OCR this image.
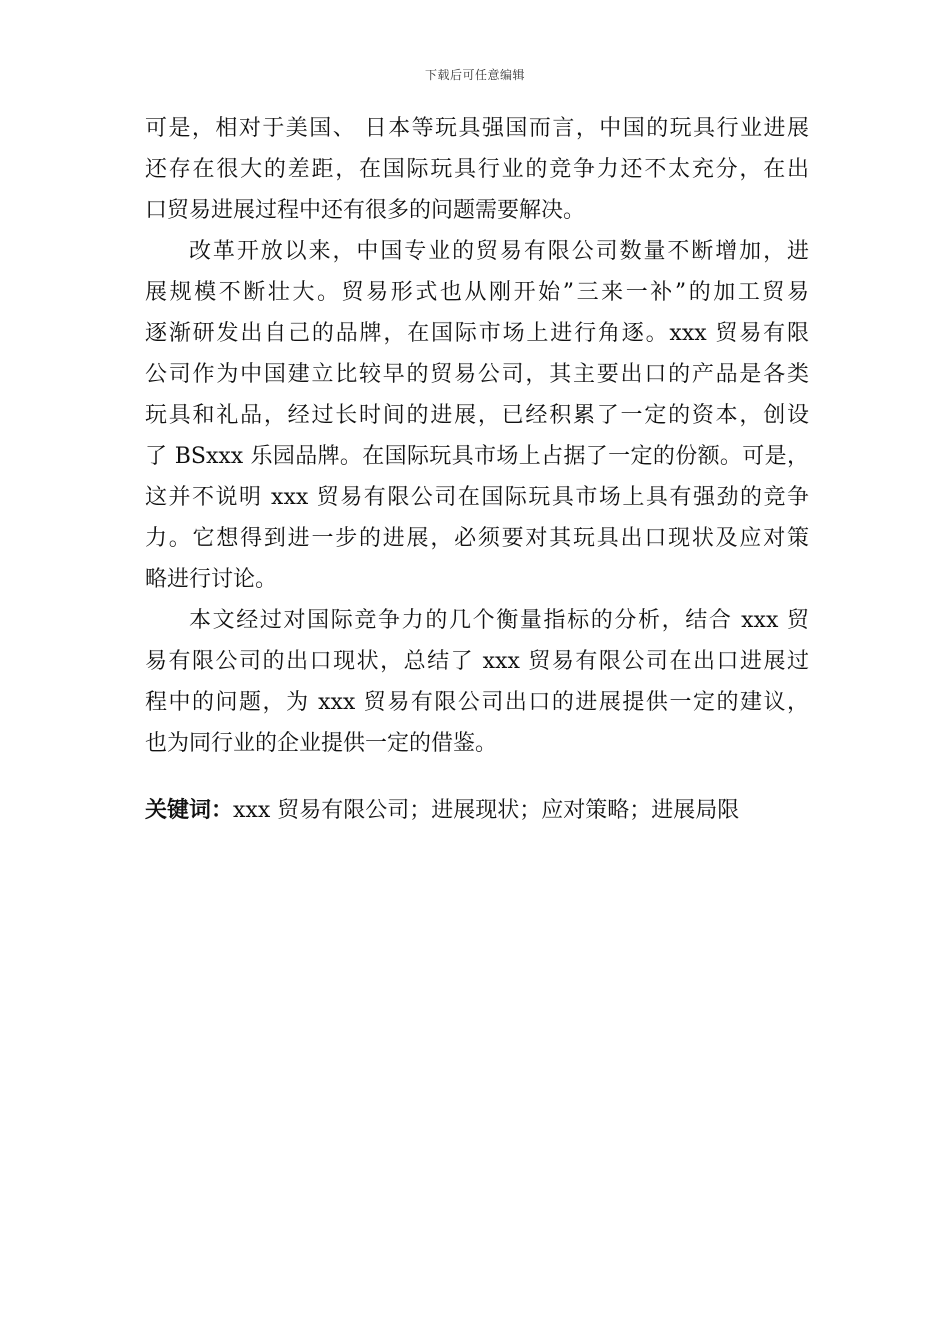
下载后可任意编辑
可是，相对于美国、 日本等玩具强国而言，中国的玩具行业进展
还存在很大的差距，在国际玩具行业的竞争力还不太充分，在出
口贸易进展过程中还有很多的问题需要解决。
改革开放以来，中国专业的贸易有限公司数量不断增加，进
展规模不断壮大。贸易形式也从刚开始”三来一补”的加工贸易
逐渐研发出自己的品牌，在国际市场上进行角逐。xxx 贸易有限
公司作为中国建立比较早的贸易公司，其主要出口的产品是各类
玩具和礼品，经过长时间的进展，已经积累了一定的资本，创设
了 BSxxx 乐园品牌。在国际玩具市场上占据了一定的份额。可是，
这并不说明 xxx 贸易有限公司在国际玩具市场上具有强劲的竞争
力。它想得到进一步的进展，必须要对其玩具出口现状及应对策
略进行讨论。
本文经过对国际竞争力的几个衡量指标的分析，结合 xxx 贸
易有限公司的出口现状，总结了 xxx 贸易有限公司在出口进展过
程中的问题，为 xxx 贸易有限公司出口的进展提供一定的建议，
也为同行业的企业提供一定的借鉴。
关键词：xxx 贸易有限公司；进展现状；应对策略；进展局限
